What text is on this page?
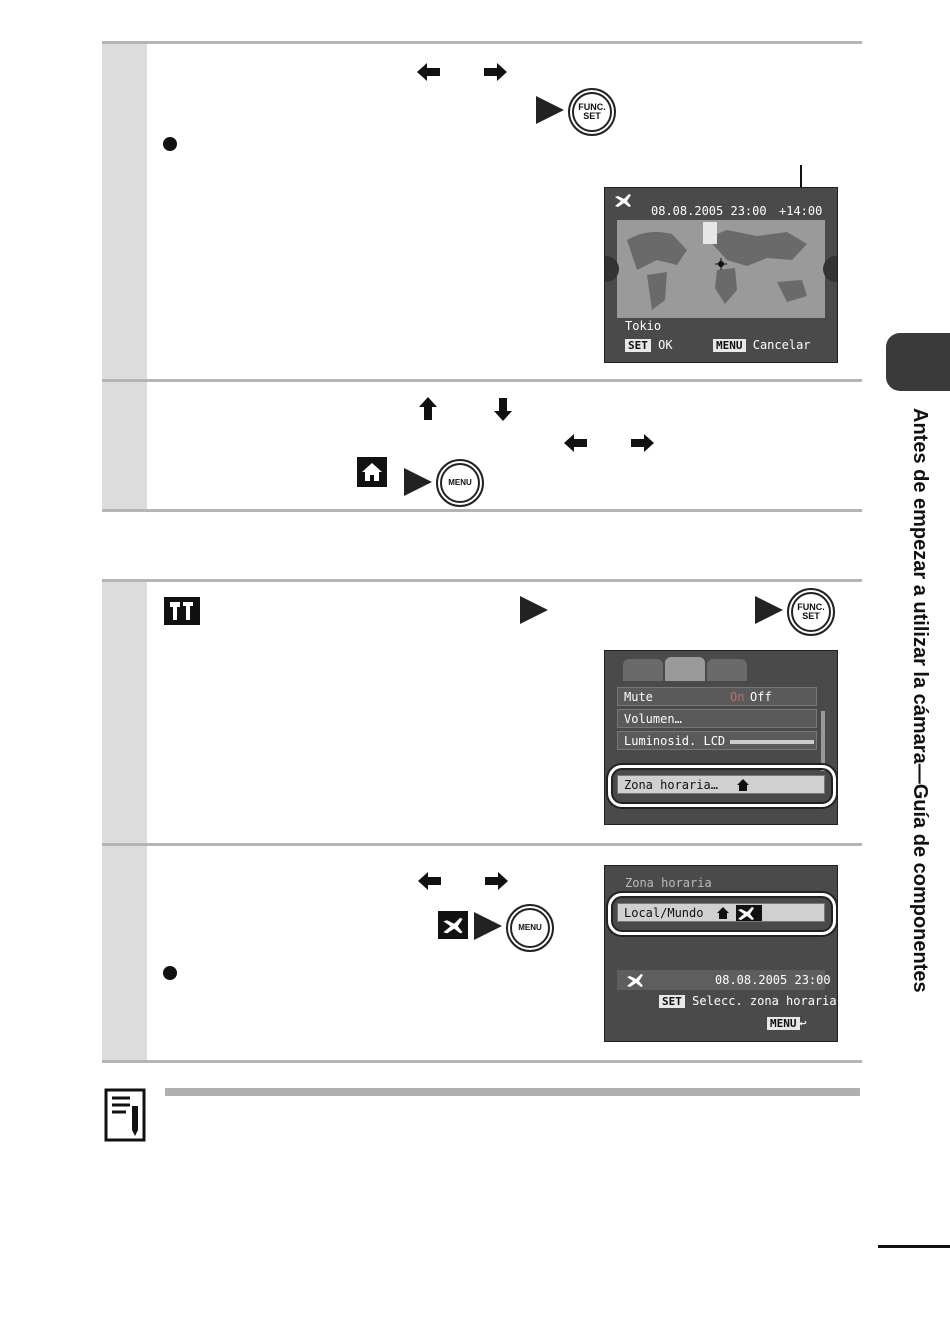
FUNC.
SET
08.08.2005 23:00 +14:00
Tokio
SET OK	MENU Cancelar
MENU
FUNC.
SET
Mute	On Off
Volumen…
Luminosid. LCD
Zona horaria…
MENU
Zona horaria
Local/Mundo
08.08.2005 23:00
SET Selecc. zona horaria
MENU ↩
Antes de empezar a utilizar la cámara—Guía de componentes
